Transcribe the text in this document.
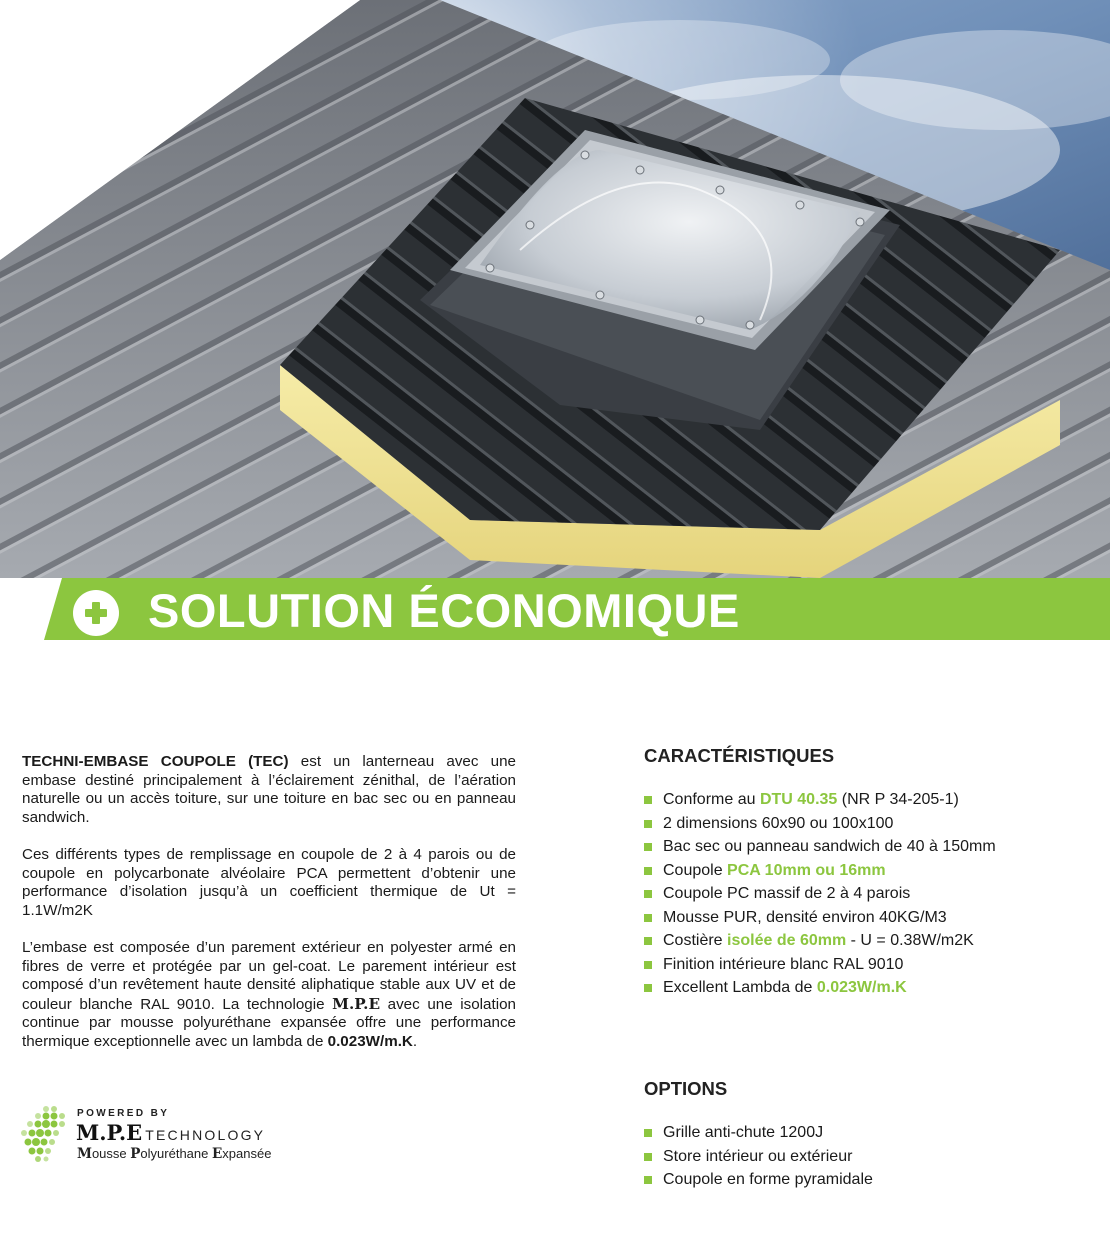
SOLUTION ÉCONOMIQUE

TECHNI-EMBASE COUPOLE (TEC) est un lanterneau avec une embase destiné principalement à l’éclairement zénithal, de l’aération naturelle ou un accès toiture, sur une toiture en bac sec ou en panneau sandwich.

Ces différents types de remplissage en coupole de 2 à 4 parois ou de coupole en polycarbonate alvéolaire PCA permettent d’obtenir une performance d’isolation jusqu’à un coefficient thermique de Ut = 1.1W/m2K

L’embase est composée d’un parement extérieur en polyester armé en fibres de verre et protégée par un gel-coat. Le parement intérieur est composé d’un revêtement haute densité aliphatique stable aux UV et de couleur blanche RAL 9010. La technologie M.P.E avec une isolation continue par mousse polyuréthane expansée offre une performance thermique exceptionnelle avec un lambda de 0.023W/m.K.

POWERED BY
M.P.E TECHNOLOGY
Mousse Polyuréthane Expansée
CARACTÉRISTIQUES
Conforme au DTU 40.35 (NR P 34-205-1)
2 dimensions 60x90 ou 100x100
Bac sec ou panneau sandwich de 40 à 150mm
Coupole PCA 10mm ou 16mm
Coupole PC massif de 2 à 4 parois
Mousse PUR, densité environ 40KG/M3
Costière isolée de 60mm - U = 0.38W/m2K
Finition intérieure blanc RAL 9010
Excellent Lambda de 0.023W/m.K
OPTIONS
Grille anti-chute 1200J
Store intérieur ou extérieur
Coupole en forme pyramidale
